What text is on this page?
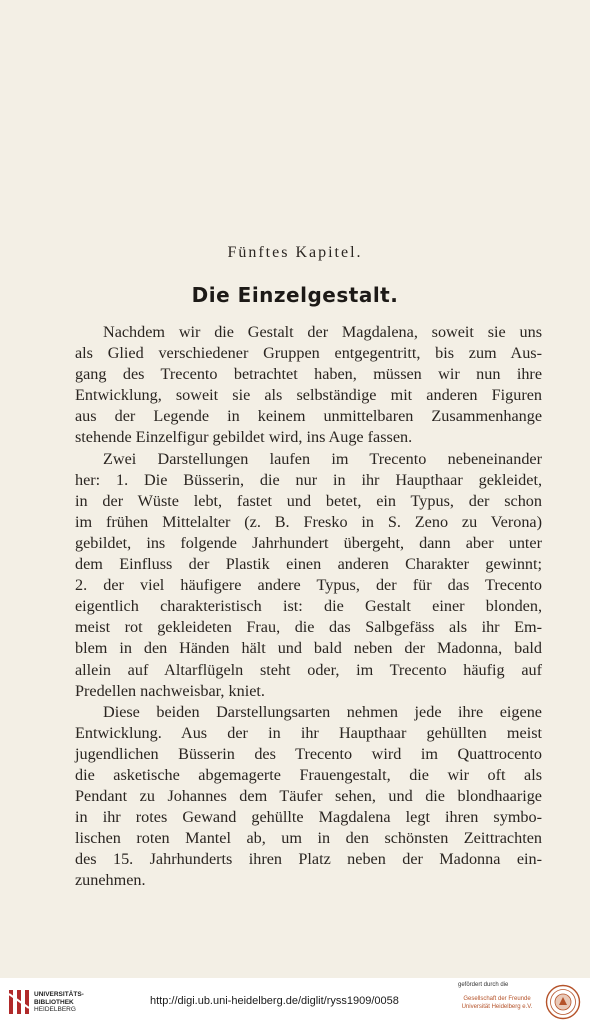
Fünftes Kapitel.
Die Einzelgestalt.
Nachdem wir die Gestalt der Magdalena, soweit sie uns
als Glied verschiedener Gruppen entgegentritt, bis zum Aus-
gang des Trecento betrachtet haben, müssen wir nun ihre
Entwicklung, soweit sie als selbständige mit anderen Figuren
aus der Legende in keinem unmittelbaren Zusammenhange
stehende Einzelfigur gebildet wird, ins Auge fassen.
Zwei Darstellungen laufen im Trecento nebeneinander
her: 1. Die Büsserin, die nur in ihr Haupthaar gekleidet,
in der Wüste lebt, fastet und betet, ein Typus, der schon
im frühen Mittelalter (z. B. Fresko in S. Zeno zu Verona)
gebildet, ins folgende Jahrhundert übergeht, dann aber unter
dem Einfluss der Plastik einen anderen Charakter gewinnt;
2. der viel häufigere andere Typus, der für das Trecento
eigentlich charakteristisch ist: die Gestalt einer blonden,
meist rot gekleideten Frau, die das Salbgefäss als ihr Em-
blem in den Händen hält und bald neben der Madonna, bald
allein auf Altarflügeln steht oder, im Trecento häufig auf
Predellen nachweisbar, kniet.
Diese beiden Darstellungsarten nehmen jede ihre eigene
Entwicklung. Aus der in ihr Haupthaar gehüllten meist
jugendlichen Büsserin des Trecento wird im Quattrocento
die asketische abgemagerte Frauengestalt, die wir oft als
Pendant zu Johannes dem Täufer sehen, und die blondhaarige
in ihr rotes Gewand gehüllte Magdalena legt ihren symbo-
lischen roten Mantel ab, um in den schönsten Zeittrachten
des 15. Jahrhunderts ihren Platz neben der Madonna ein-
zunehmen.
UNIVERSITÄTS-
BIBLIOTHEK
HEIDELBERG
http://digi.ub.uni-heidelberg.de/diglit/ryss1909/0058
gefördert durch die
Gesellschaft der Freunde
Universität Heidelberg e.V.
